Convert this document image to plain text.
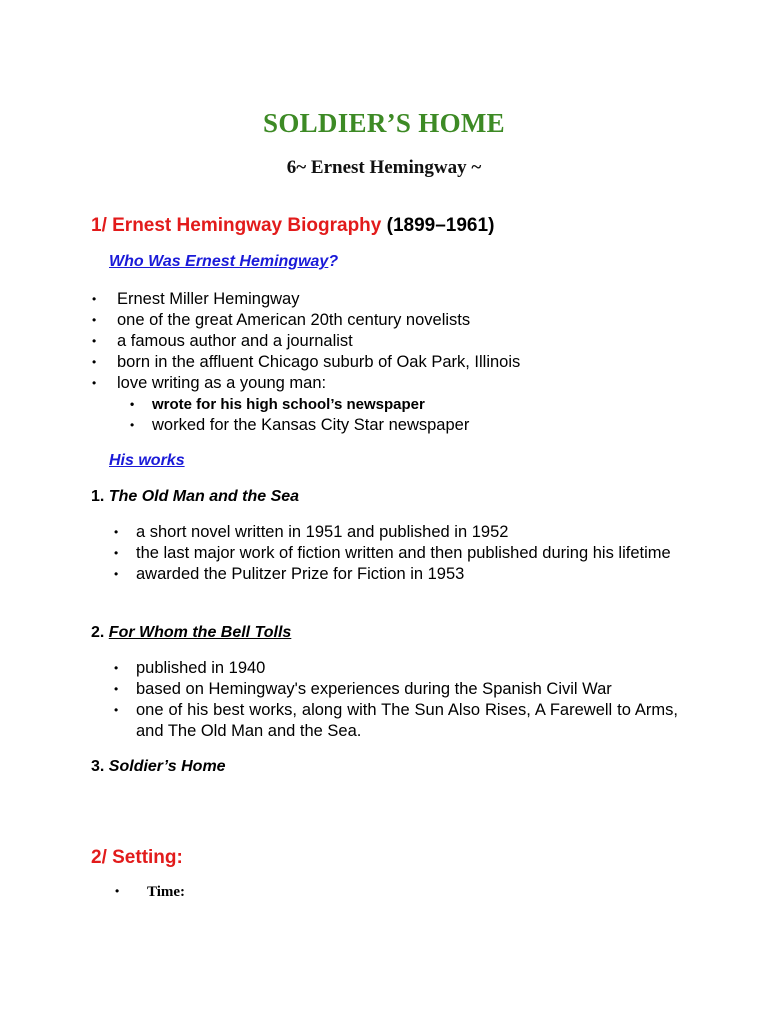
SOLDIER’S HOME
6~ Ernest Hemingway ~
1/ Ernest Hemingway Biography (1899–1961)
Who Was Ernest Hemingway?
• Ernest Miller Hemingway
• one of the great American 20th century novelists
• a famous author and a journalist
• born in the affluent Chicago suburb of Oak Park, Illinois
• love writing as a young man:
• wrote for his high school’s newspaper
• worked for the Kansas City Star newspaper
His works
1. The Old Man and the Sea
• a short novel written in 1951 and published in 1952
• the last major work of fiction written and then published during his lifetime
• awarded the Pulitzer Prize for Fiction in 1953
2. For Whom the Bell Tolls
• published in 1940
• based on Hemingway's experiences during the Spanish Civil War
• one of his best works, along with The Sun Also Rises, A Farewell to Arms, and The Old Man and the Sea.
3. Soldier’s Home
2/ Setting:
• Time:
